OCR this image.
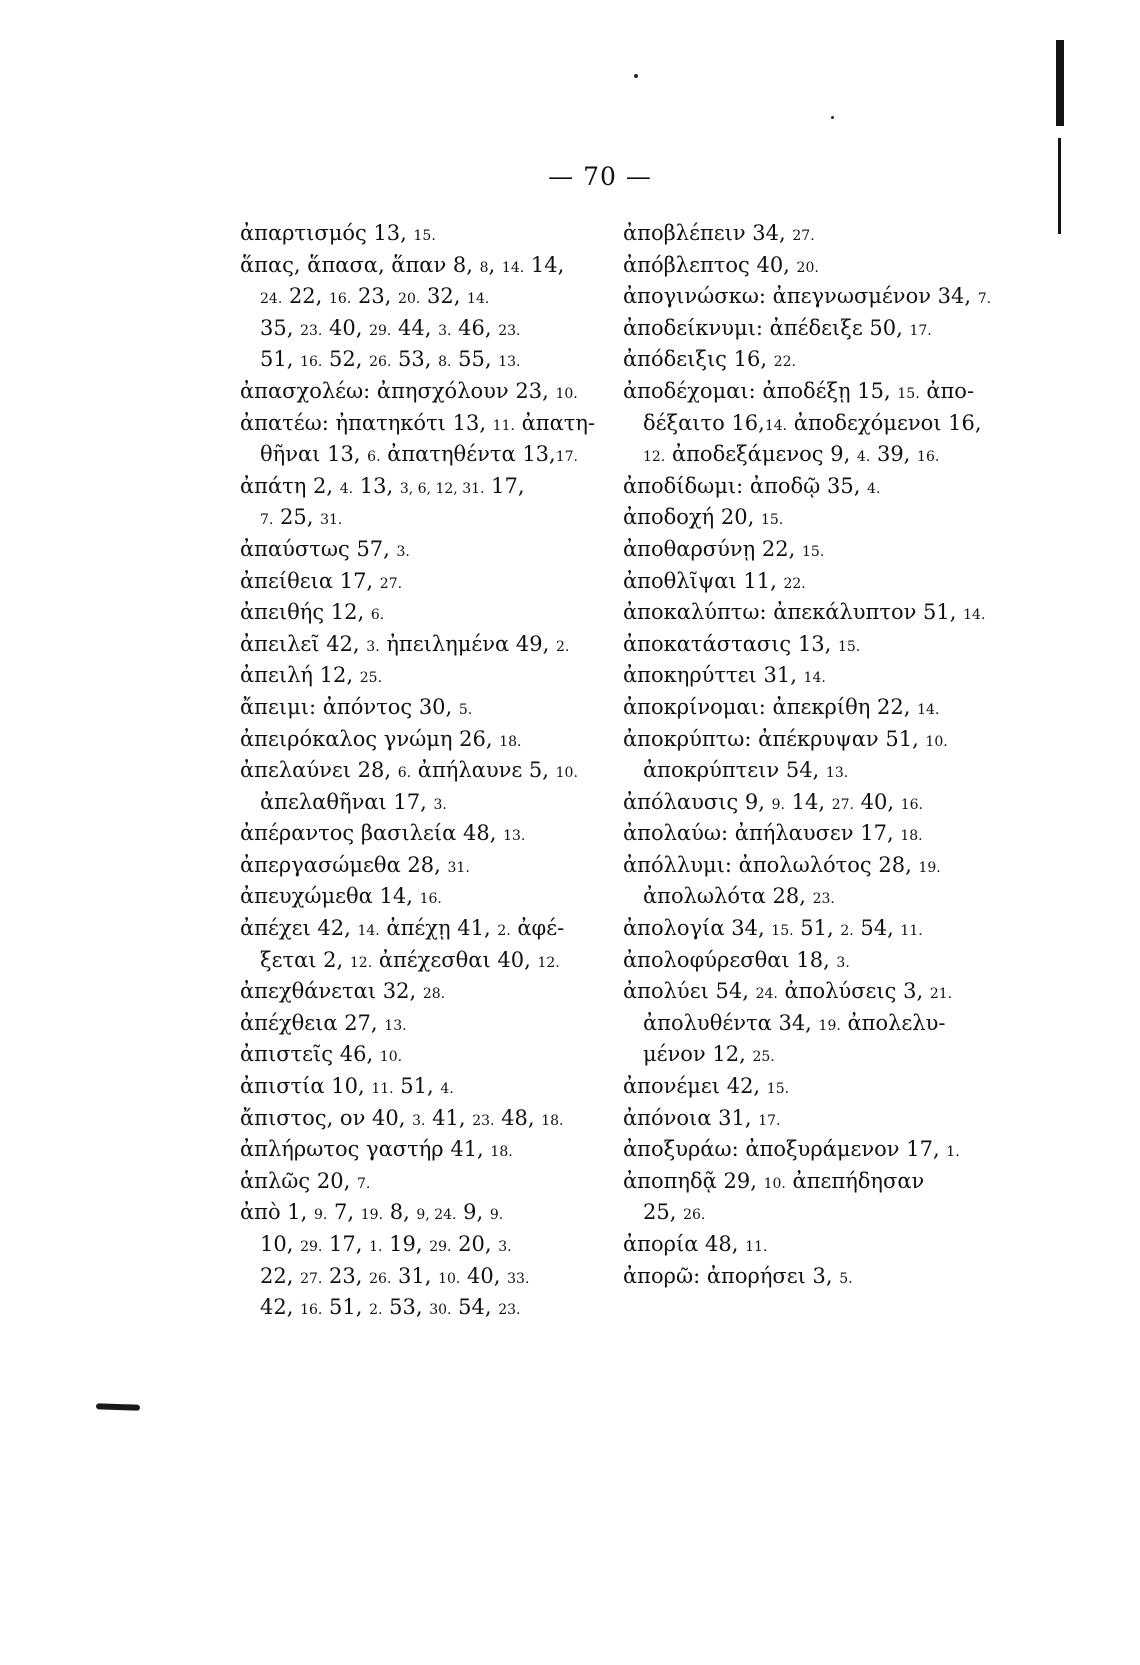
— 70 —
ἀπαρτισμός 13, 15.
ἅπας, ἅπασα, ἅπαν 8, 8, 14. 14,
24. 22, 16. 23, 20. 32, 14.
35, 23. 40, 29. 44, 3. 46, 23.
51, 16. 52, 26. 53, 8. 55, 13.
ἀπασχολέω: ἀπησχόλουν 23, 10.
ἀπατέω: ἠπατηκότι 13, 11. ἀπατη-
θῆναι 13, 6. ἀπατηθέντα 13,17.
ἀπάτη 2, 4. 13, 3, 6, 12, 31. 17,
7. 25, 31.
ἀπαύστως 57, 3.
ἀπείθεια 17, 27.
ἀπειθής 12, 6.
ἀπειλεῖ 42, 3. ἠπειλημένα 49, 2.
ἀπειλή 12, 25.
ἄπειμι: ἀπόντος 30, 5.
ἀπειρόκαλος γνώμη 26, 18.
ἀπελαύνει 28, 6. ἀπήλαυνε 5, 10.
ἀπελαθῆναι 17, 3.
ἀπέραντος βασιλεία 48, 13.
ἀπεργασώμεθα 28, 31.
ἀπευχώμεθα 14, 16.
ἀπέχει 42, 14. ἀπέχῃ 41, 2. ἀφέ-
ξεται 2, 12. ἀπέχεσθαι 40, 12.
ἀπεχθάνεται 32, 28.
ἀπέχθεια 27, 13.
ἀπιστεῖς 46, 10.
ἀπιστία 10, 11. 51, 4.
ἄπιστος, ον 40, 3. 41, 23. 48, 18.
ἀπλήρωτος γαστήρ 41, 18.
ἁπλῶς 20, 7.
ἀπὸ 1, 9. 7, 19. 8, 9, 24. 9, 9.
10, 29. 17, 1. 19, 29. 20, 3.
22, 27. 23, 26. 31, 10. 40, 33.
42, 16. 51, 2. 53, 30. 54, 23.
ἀποβλέπειν 34, 27.
ἀπόβλεπτος 40, 20.
ἀπογινώσκω: ἀπεγνωσμένον 34, 7.
ἀποδείκνυμι: ἀπέδειξε 50, 17.
ἀπόδειξις 16, 22.
ἀποδέχομαι: ἀποδέξῃ 15, 15. ἀπο-
δέξαιτο 16,14. ἀποδεχόμενοι 16,
12. ἀποδεξάμενος 9, 4. 39, 16.
ἀποδίδωμι: ἀποδῷ 35, 4.
ἀποδοχή 20, 15.
ἀποθαρσύνῃ 22, 15.
ἀποθλῖψαι 11, 22.
ἀποκαλύπτω: ἀπεκάλυπτον 51, 14.
ἀποκατάστασις 13, 15.
ἀποκηρύττει 31, 14.
ἀποκρίνομαι: ἀπεκρίθη 22, 14.
ἀποκρύπτω: ἀπέκρυψαν 51, 10.
ἀποκρύπτειν 54, 13.
ἀπόλαυσις 9, 9. 14, 27. 40, 16.
ἀπολαύω: ἀπήλαυσεν 17, 18.
ἀπόλλυμι: ἀπολωλότος 28, 19.
ἀπολωλότα 28, 23.
ἀπολογία 34, 15. 51, 2. 54, 11.
ἀπολοφύρεσθαι 18, 3.
ἀπολύει 54, 24. ἀπολύσεις 3, 21.
ἀπολυθέντα 34, 19. ἀπολελυ-
μένον 12, 25.
ἀπονέμει 42, 15.
ἀπόνοια 31, 17.
ἀποξυράω: ἀποξυράμενον 17, 1.
ἀποπηδᾷ 29, 10. ἀπεπήδησαν
25, 26.
ἀπορία 48, 11.
ἀπορῶ: ἀπορήσει 3, 5.
